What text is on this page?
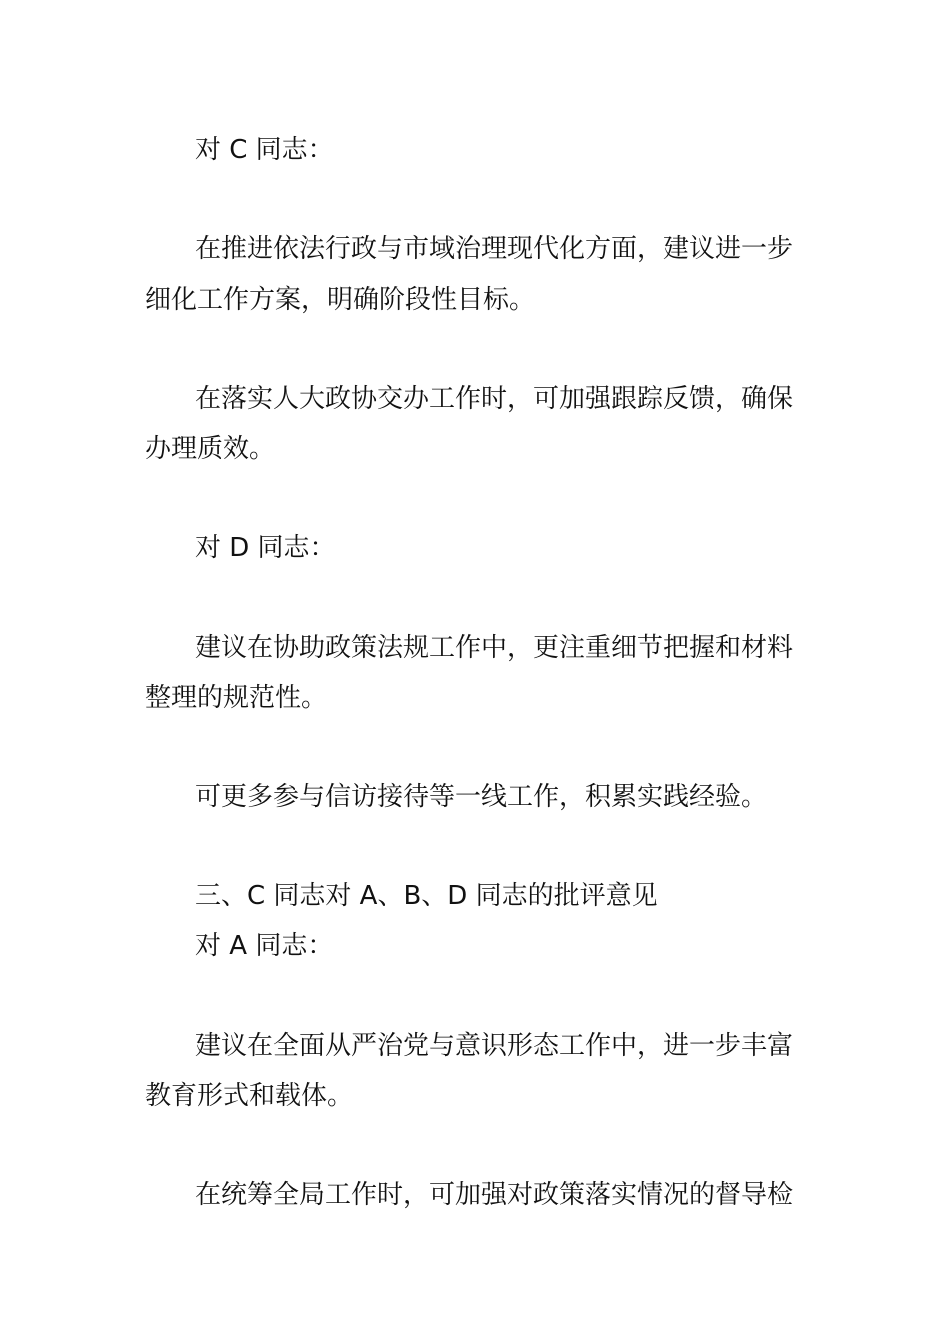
对 C 同志：
在推进依法行政与市域治理现代化方面，建议进一步
细化工作方案，明确阶段性目标。
在落实人大政协交办工作时，可加强跟踪反馈，确保
办理质效。
对 D 同志：
建议在协助政策法规工作中，更注重细节把握和材料
整理的规范性。
可更多参与信访接待等一线工作，积累实践经验。
三、C 同志对 A、B、D 同志的批评意见
对 A 同志：
建议在全面从严治党与意识形态工作中，进一步丰富
教育形式和载体。
在统筹全局工作时，可加强对政策落实情况的督导检
